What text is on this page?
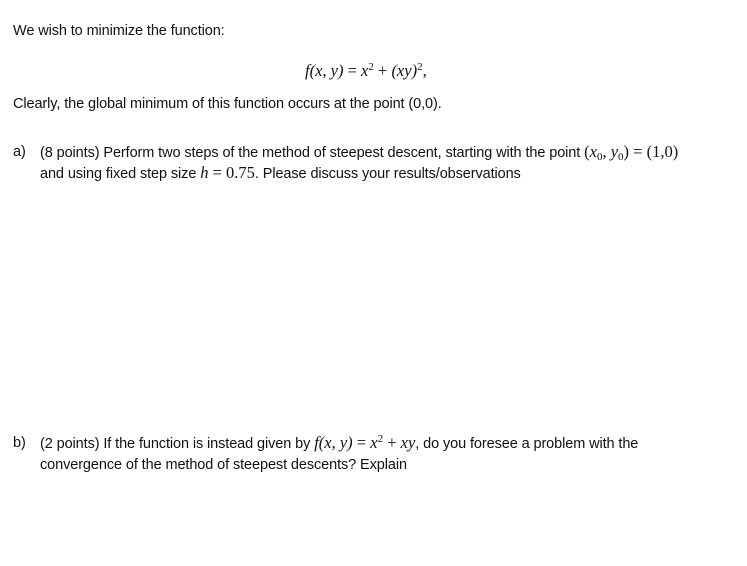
We wish to minimize the function:
f(x, $y) = x^2 + (xy)^2$,
Clearly, the global minimum of this function occurs at the point (0,0).
a) (8 points) Perform two steps of the method of steepest descent, starting with the point ($x_0$, $y_0) = (1,0)$
and using fixed step size h = 0.75. Please discuss your results/observations
b) (2 points) If the function is instead given by f(x, $y) = x^2$ + xy, do you foresee a problem with the
convergence of the method of steepest descents? Explain
